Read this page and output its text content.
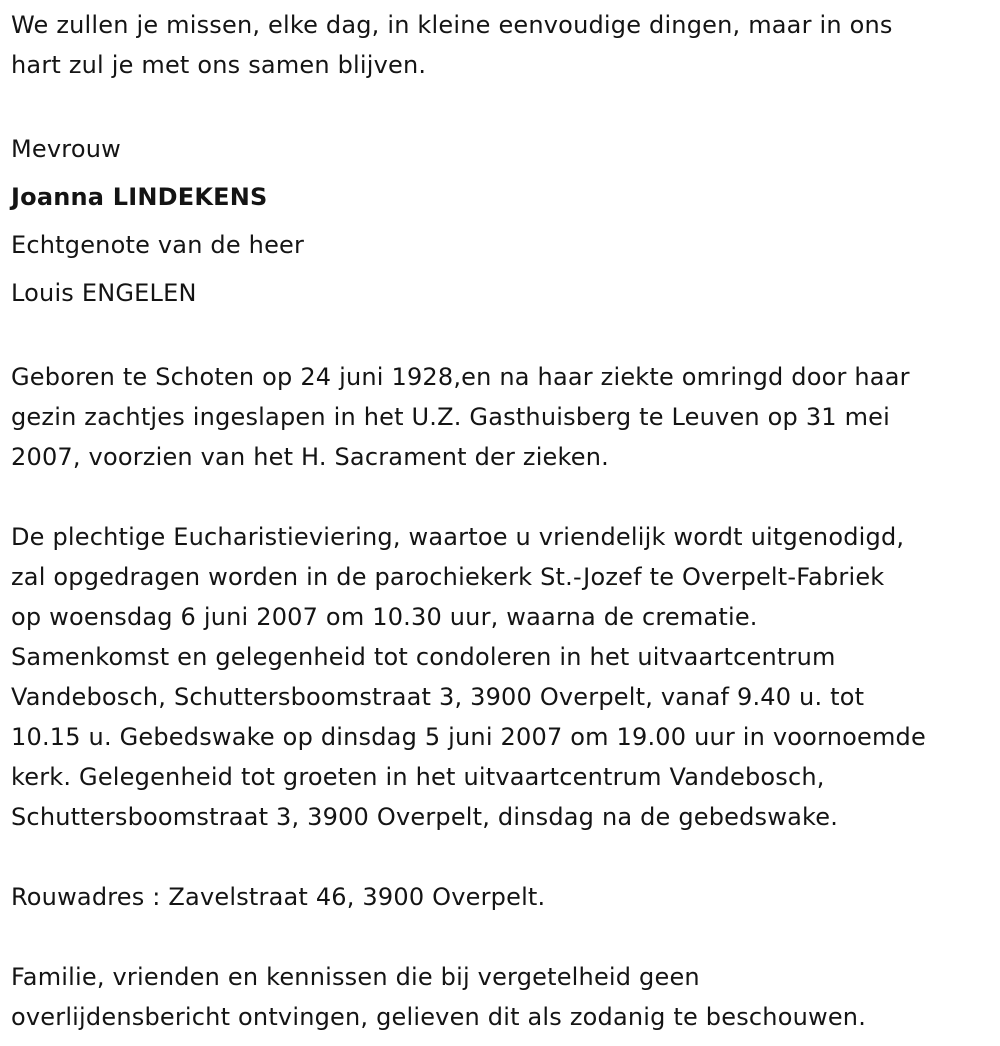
We zullen je missen, elke dag, in kleine eenvoudige dingen, maar in ons
hart zul je met ons samen blijven.
Mevrouw
Joanna LINDEKENS
Echtgenote van de heer
Louis ENGELEN
Geboren te Schoten op 24 juni 1928,en na haar ziekte omringd door haar
gezin zachtjes ingeslapen in het U.Z. Gasthuisberg te Leuven op 31 mei
2007, voorzien van het H. Sacrament der zieken.
De plechtige Eucharistieviering, waartoe u vriendelijk wordt uitgenodigd,
zal opgedragen worden in de parochiekerk St.-Jozef te Overpelt-Fabriek
op woensdag 6 juni 2007 om 10.30 uur, waarna de crematie.
Samenkomst en gelegenheid tot condoleren in het uitvaartcentrum
Vandebosch, Schuttersboomstraat 3, 3900 Overpelt, vanaf 9.40 u. tot
10.15 u. Gebedswake op dinsdag 5 juni 2007 om 19.00 uur in voornoemde
kerk. Gelegenheid tot groeten in het uitvaartcentrum Vandebosch,
Schuttersboomstraat 3, 3900 Overpelt, dinsdag na de gebedswake.
Rouwadres : Zavelstraat 46, 3900 Overpelt.
Familie, vrienden en kennissen die bij vergetelheid geen
overlijdensbericht ontvingen, gelieven dit als zodanig te beschouwen.
